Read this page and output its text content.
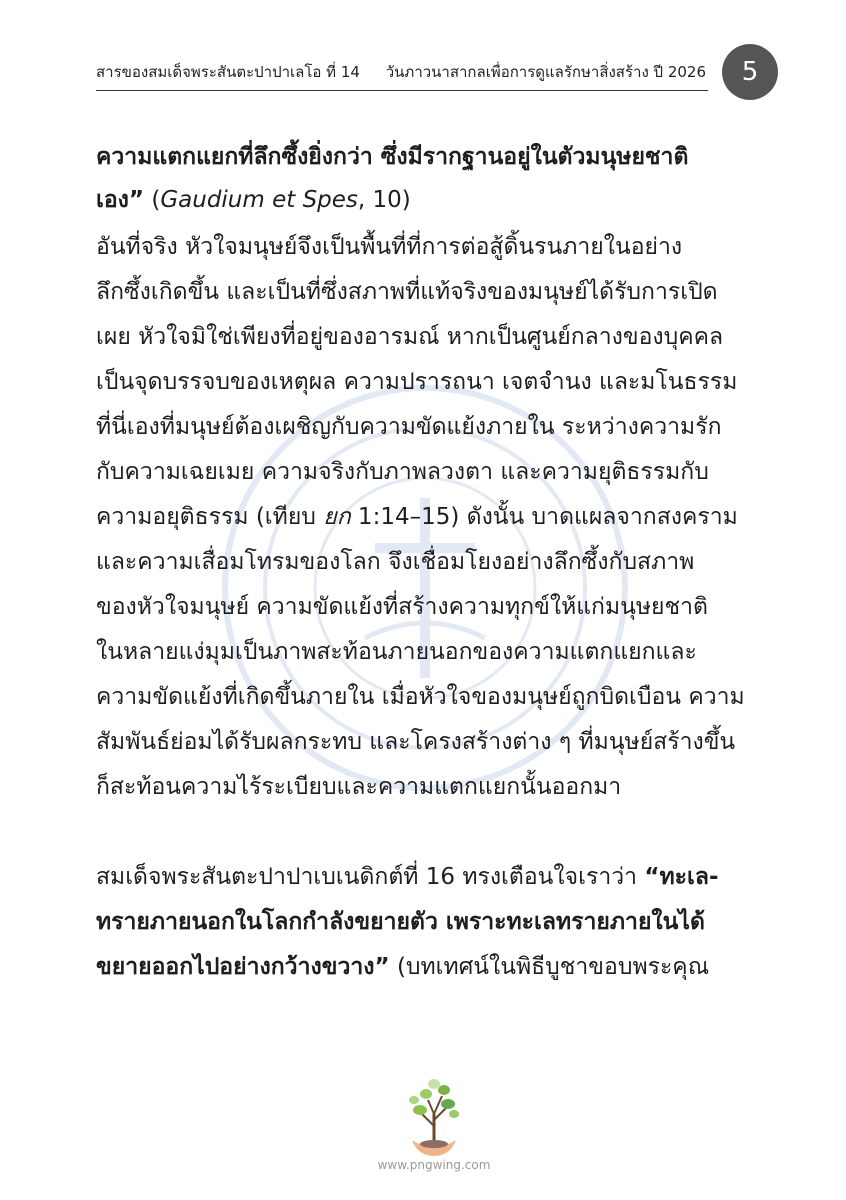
สารของสมเด็จพระสันตะปาปาเลโอ ที่ 14 วันภาวนาสากลเพื่อการดูแลรักษาสิ่งสร้าง ปี 2026	5
ความแตกแยกที่ลึกซึ้งยิ่งกว่า ซึ่งมีรากฐานอยู่ในตัวมนุษยชาติ
เอง” (Gaudium et Spes, 10)
อันที่จริง หัวใจมนุษย์จึงเป็นพื้นที่ที่การต่อสู้ดิ้นรนภายในอย่าง
ลึกซึ้งเกิดขึ้น และเป็นที่ซึ่งสภาพที่แท้จริงของมนุษย์ได้รับการเปิด
เผย หัวใจมิใช่เพียงที่อยู่ของอารมณ์ หากเป็นศูนย์กลางของบุคคล
เป็นจุดบรรจบของเหตุผล ความปรารถนา เจตจำนง และมโนธรรม
ที่นี่เองที่มนุษย์ต้องเผชิญกับความขัดแย้งภายใน ระหว่างความรัก
กับความเฉยเมย ความจริงกับภาพลวงตา และความยุติธรรมกับ
ความอยุติธรรม (เทียบ ยก 1:14–15) ดังนั้น บาดแผลจากสงคราม
และความเสื่อมโทรมของโลก จึงเชื่อมโยงอย่างลึกซึ้งกับสภาพ
ของหัวใจมนุษย์ ความขัดแย้งที่สร้างความทุกข์ให้แก่มนุษยชาติ
ในหลายแง่มุมเป็นภาพสะท้อนภายนอกของความแตกแยกและ
ความขัดแย้งที่เกิดขึ้นภายใน เมื่อหัวใจของมนุษย์ถูกบิดเบือน ความ
สัมพันธ์ย่อมได้รับผลกระทบ และโครงสร้างต่าง ๆ ที่มนุษย์สร้างขึ้น
ก็สะท้อนความไร้ระเบียบและความแตกแยกนั้นออกมา
สมเด็จพระสันตะปาปาเบเนดิกต์ที่ 16 ทรงเตือนใจเราว่า “ทะเล-
ทรายภายนอกในโลกกำลังขยายตัว เพราะทะเลทรายภายในได้
ขยายออกไปอย่างกว้างขวาง” (บทเทศน์ในพิธีบูชาขอบพระคุณ
www.pngwing.com
